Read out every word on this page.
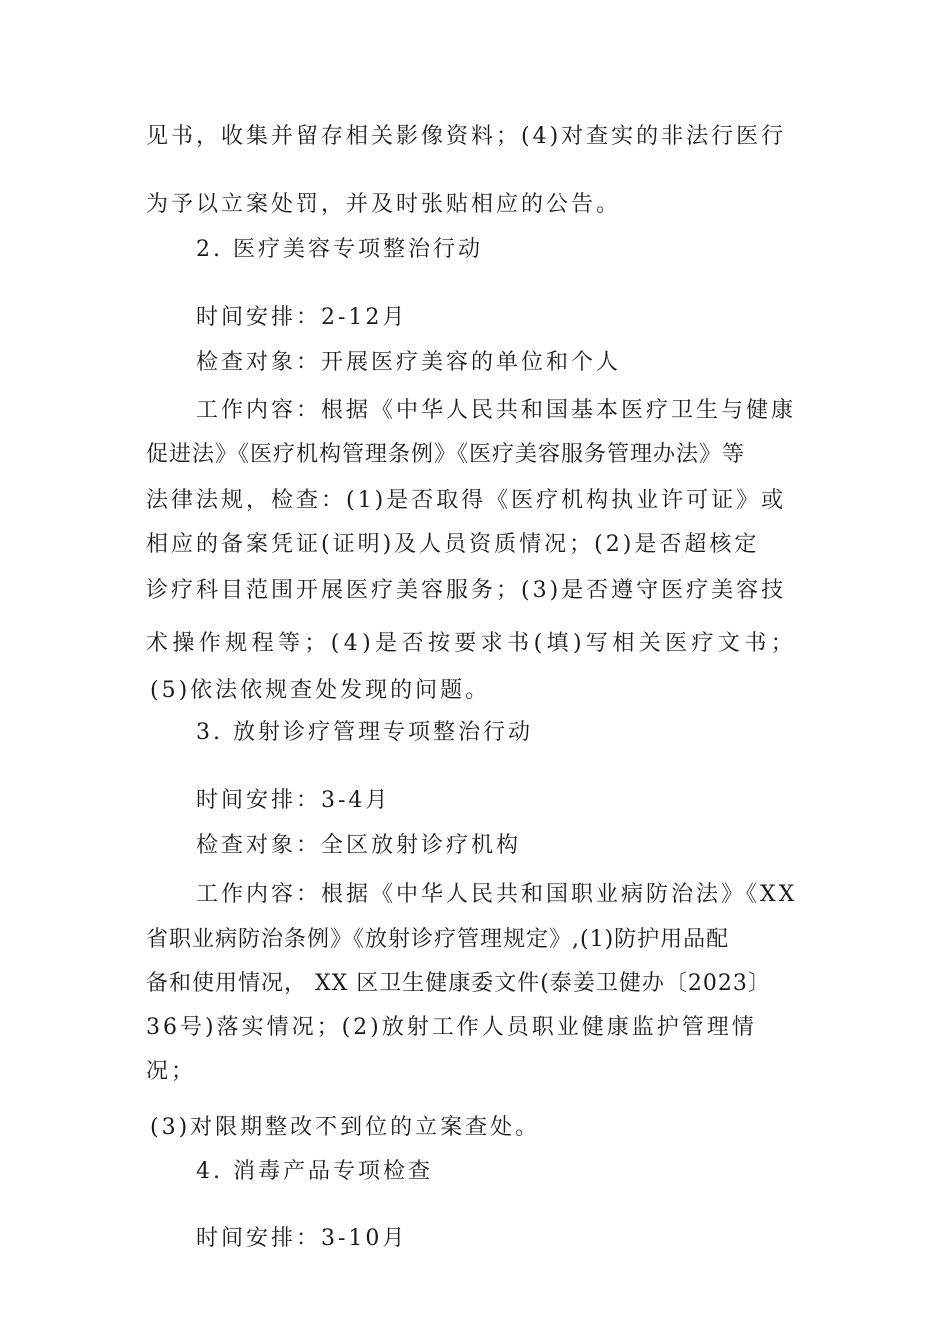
见书，收集并留存相关影像资料；(4)对查实的非法行医行

为予以立案处罚，并及时张贴相应的公告。

2. 医疗美容专项整治行动

时间安排：2-12月

检查对象：开展医疗美容的单位和个人

工作内容：根据《中华人民共和国基本医疗卫生与健康

促进法》《医疗机构管理条例》《医疗美容服务管理办法》等

法律法规，检查：(1)是否取得《医疗机构执业许可证》或

相应的备案凭证(证明)及人员资质情况；(2)是否超核定

诊疗科目范围开展医疗美容服务；(3)是否遵守医疗美容技

术操作规程等；(4)是否按要求书(填)写相关医疗文书；

(5)依法依规查处发现的问题。

3. 放射诊疗管理专项整治行动

时间安排：3-4月

检查对象：全区放射诊疗机构

工作内容：根据《中华人民共和国职业病防治法》《XX

省职业病防治条例》《放射诊疗管理规定》,(1)防护用品配

备和使用情况， XX 区卫生健康委文件(泰姜卫健办〔2023〕

36号)落实情况；(2)放射工作人员职业健康监护管理情

况；

(3)对限期整改不到位的立案查处。

4. 消毒产品专项检查

时间安排：3-10月
